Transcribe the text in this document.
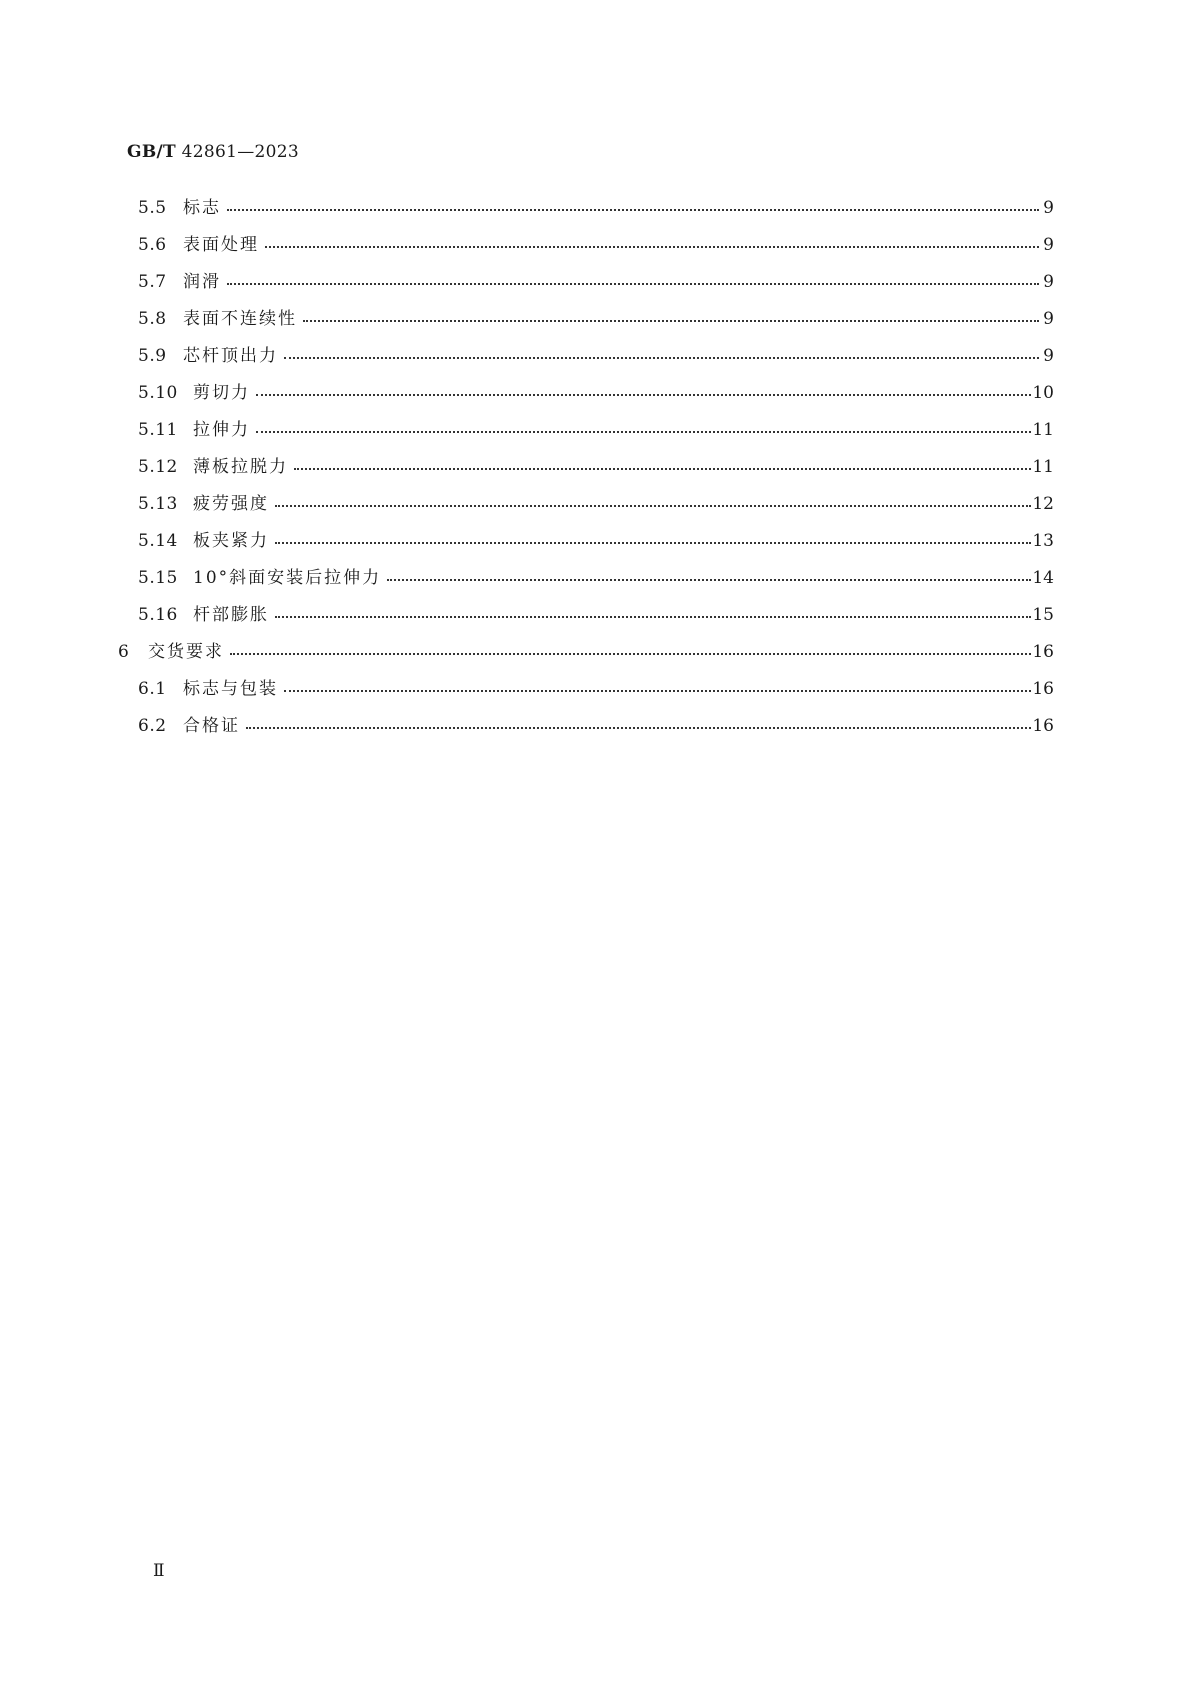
GB/T 42861—2023
5.5 标志	9
5.6 表面处理	9
5.7 润滑	9
5.8 表面不连续性	9
5.9 芯杆顶出力	9
5.10 剪切力	10
5.11 拉伸力	11
5.12 薄板拉脱力	11
5.13 疲劳强度	12
5.14 板夹紧力	13
5.15 10°斜面安装后拉伸力	14
5.16 杆部膨胀	15
6 交货要求	16
6.1 标志与包装	16
6.2 合格证	16
Ⅱ
